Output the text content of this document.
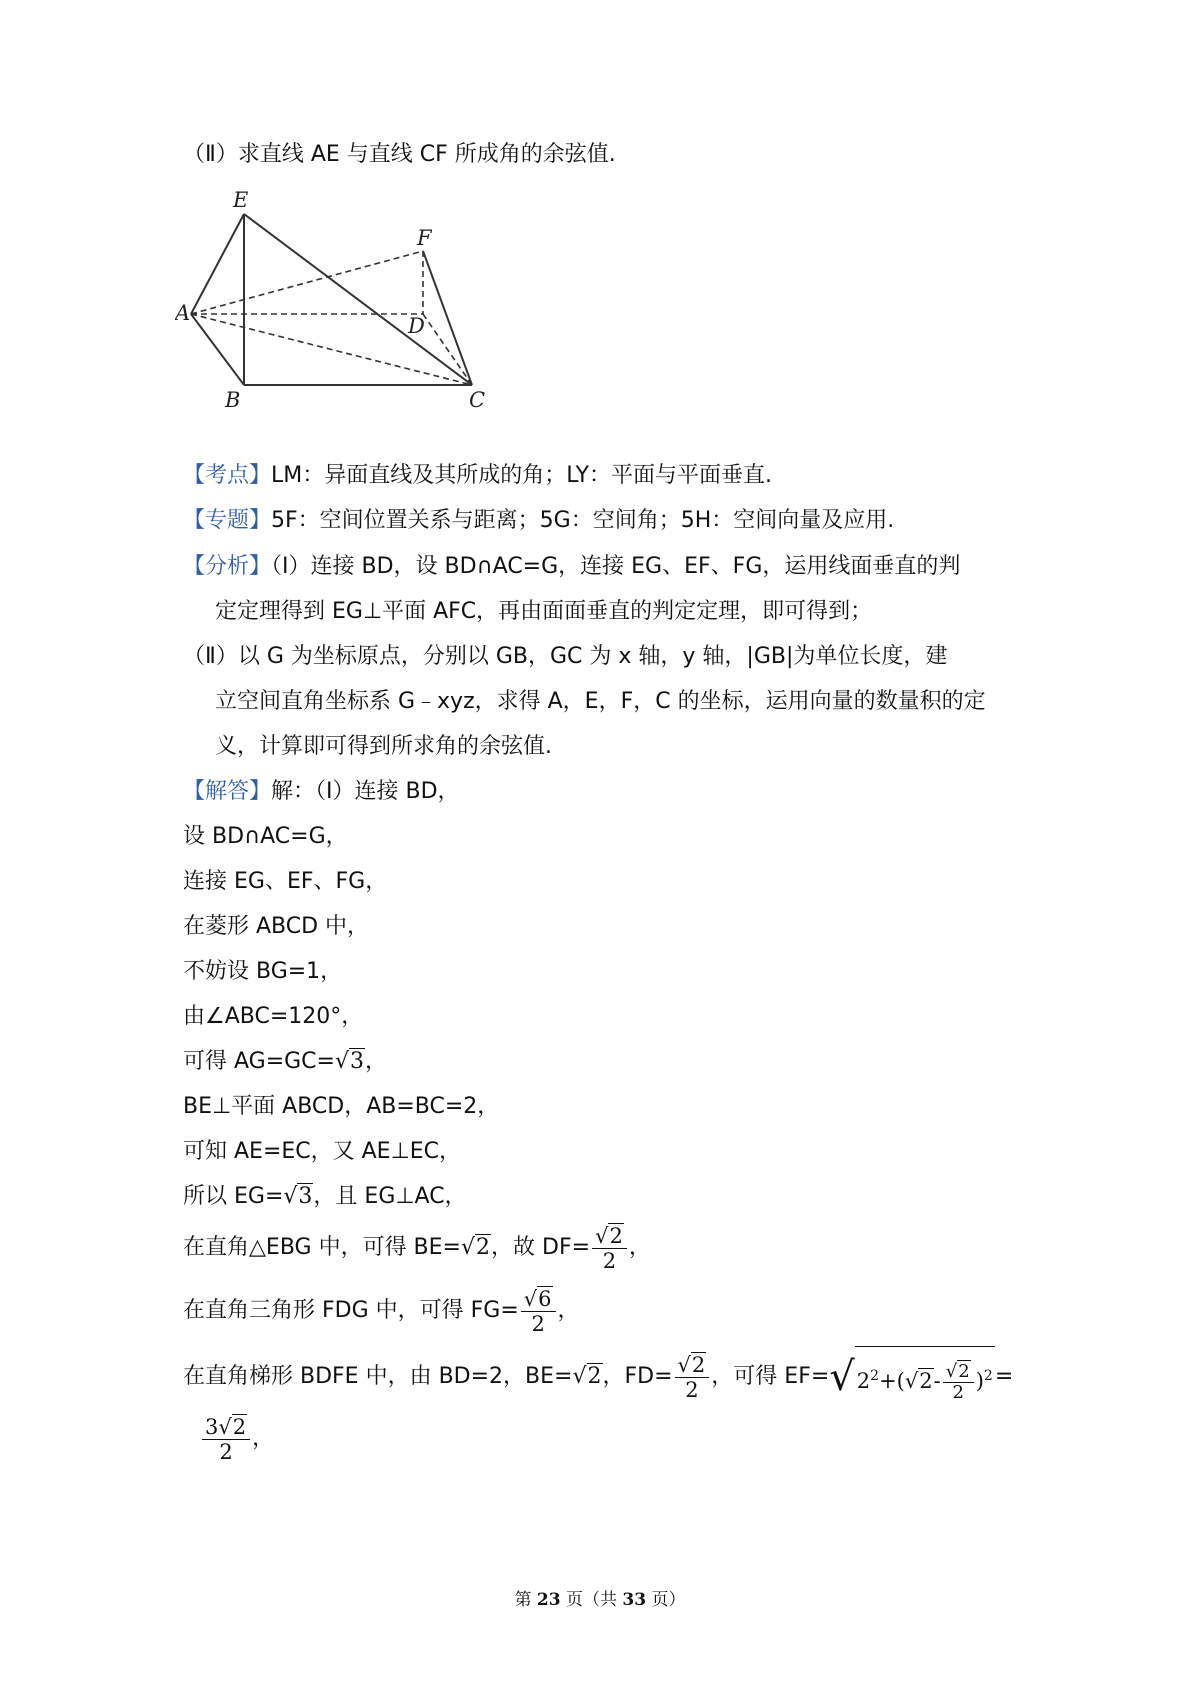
（Ⅱ）求直线 AE 与直线 CF 所成角的余弦值.
E
F
A
D
B	C
【考点】LM：异面直线及其所成的角；LY：平面与平面垂直.
【专题】5F：空间位置关系与距离；5G：空间角；5H：空间向量及应用.
【分析】（Ⅰ）连接 BD，设 BD∩AC=G，连接 EG、EF、FG，运用线面垂直的判
定定理得到 EG⊥平面 AFC，再由面面垂直的判定定理，即可得到；
（Ⅱ）以 G 为坐标原点，分别以 GB，GC 为 x 轴，y 轴，|GB|为单位长度，建
立空间直角坐标系 G﹣xyz，求得 A，E，F，C 的坐标，运用向量的数量积的定
义，计算即可得到所求角的余弦值.
【解答】解：（Ⅰ）连接 BD，
设 BD∩AC=G，
连接 EG、EF、FG，
在菱形 ABCD 中，
不妨设 BG=1，
由∠ABC=120°，
可得 AG=GC=√3，
BE⊥平面 ABCD，AB=BC=2，
可知 AE=EC，又 AE⊥EC，
所以 EG=√3，且 EG⊥AC，
在直角△EBG 中，可得 BE=√2，故 $DF= \frac{√2}{2}$ ，
在直角三角形 FDG 中，可得 $FG= \frac{√6}{2}$ ，
在直角梯形 BDFE 中，由 BD=2，BE=√2，$FD= \frac{√2}{2}$ ，可得 $EF=√2^2+(√2- \frac{√2}{2} )^2=$
$\frac{3√2}{2}$ ，
第 23 页（共 33 页）
